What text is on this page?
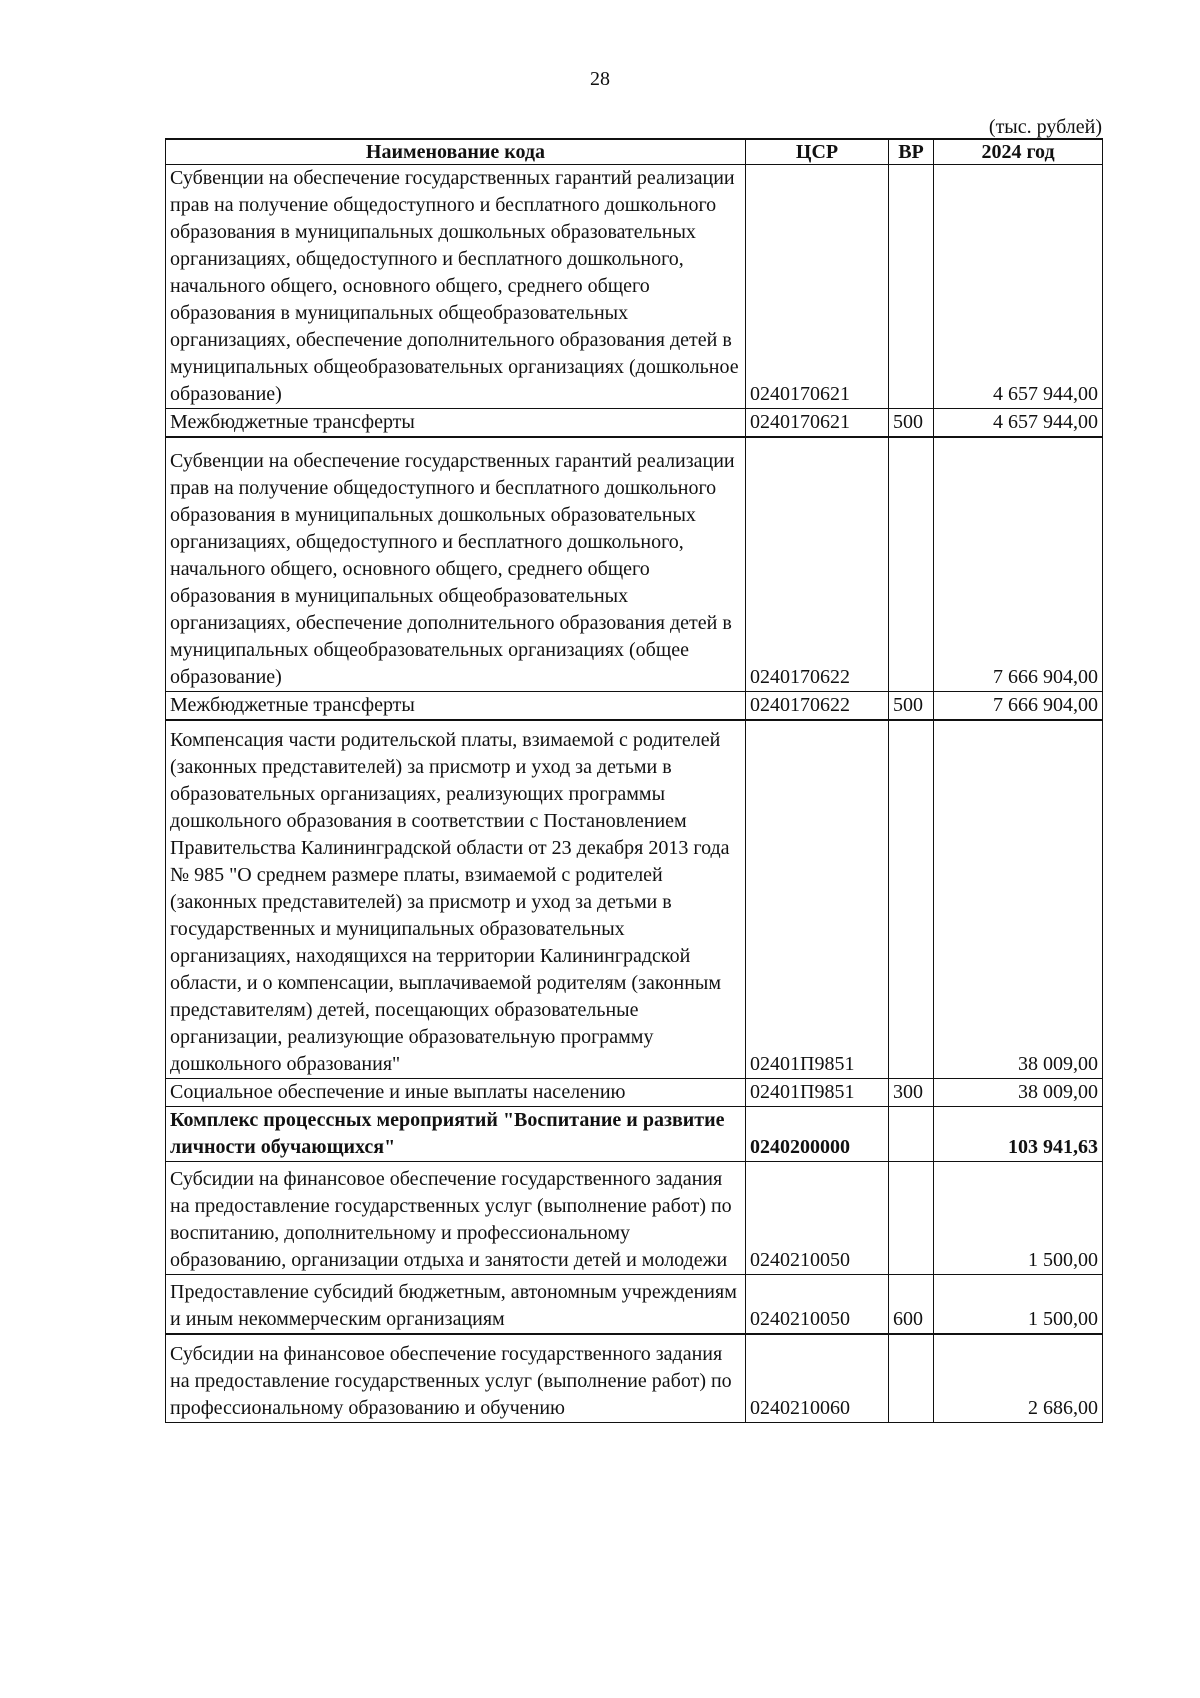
28
(тыс. рублей)
Наименование кода	ЦСР	ВР	2024 год
Субвенции на обеспечение государственных гарантий реализации прав на получение общедоступного и бесплатного дошкольного образования в муниципальных дошкольных образовательных организациях, общедоступного и бесплатного дошкольного, начального общего, основного общего, среднего общего образования в муниципальных общеобразовательных организациях, обеспечение дополнительного образования детей в муниципальных общеобразовательных организациях (дошкольное образование)	0240170621		4 657 944,00
Межбюджетные трансферты	0240170621	500	4 657 944,00
Субвенции на обеспечение государственных гарантий реализации прав на получение общедоступного и бесплатного дошкольного образования в муниципальных дошкольных образовательных организациях, общедоступного и бесплатного дошкольного, начального общего, основного общего, среднего общего образования в муниципальных общеобразовательных организациях, обеспечение дополнительного образования детей в муниципальных общеобразовательных организациях (общее образование)	0240170622		7 666 904,00
Межбюджетные трансферты	0240170622	500	7 666 904,00
Компенсация части родительской платы, взимаемой с родителей (законных представителей) за присмотр и уход за детьми в образовательных организациях, реализующих программы дошкольного образования в соответствии с Постановлением Правительства Калининградской области от 23 декабря 2013 года № 985 "О среднем размере платы, взимаемой с родителей (законных представителей) за присмотр и уход за детьми в государственных и муниципальных образовательных организациях, находящихся на территории Калининградской области, и о компенсации, выплачиваемой родителям (законным представителям) детей, посещающих образовательные организации, реализующие образовательную программу дошкольного образования"	02401П9851		38 009,00
Социальное обеспечение и иные выплаты населению	02401П9851	300	38 009,00
Комплекс процессных мероприятий "Воспитание и развитие личности обучающихся"	0240200000		103 941,63
Субсидии на финансовое обеспечение государственного задания на предоставление государственных услуг (выполнение работ) по воспитанию, дополнительному и профессиональному образованию, организации отдыха и занятости детей и молодежи	0240210050		1 500,00
Предоставление субсидий бюджетным, автономным учреждениям и иным некоммерческим организациям	0240210050	600	1 500,00
Субсидии на финансовое обеспечение государственного задания на предоставление государственных услуг (выполнение работ) по профессиональному образованию и обучению	0240210060		2 686,00
